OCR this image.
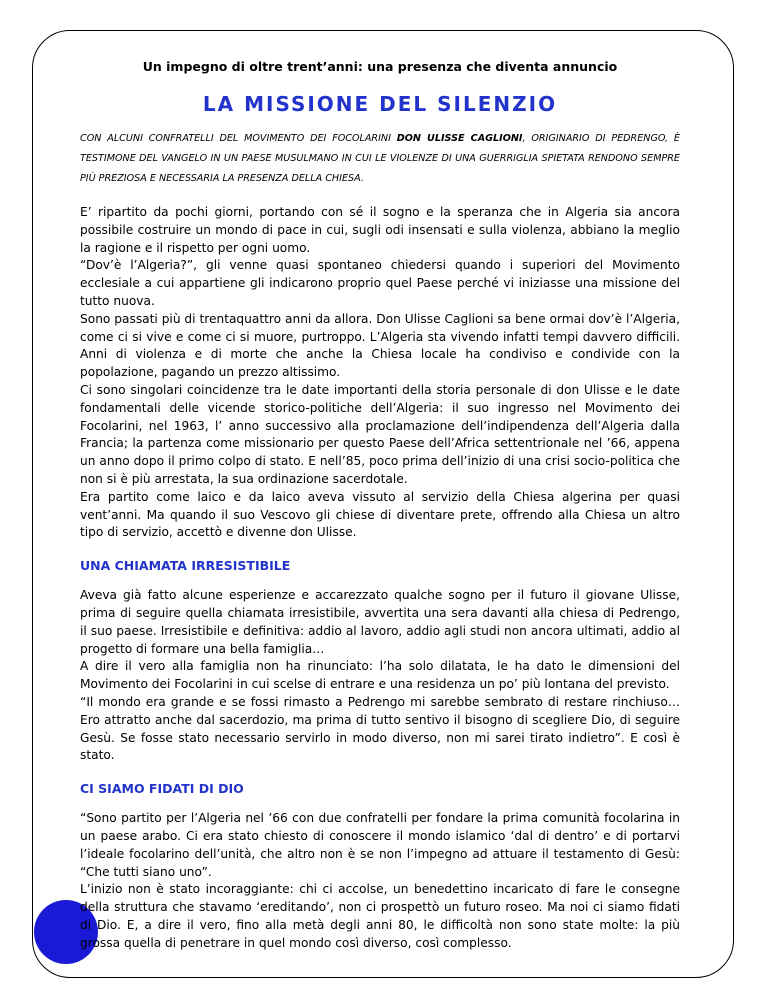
Un impegno di oltre trent’anni: una presenza che diventa annuncio

LA MISSIONE DEL SILENZIO

CON ALCUNI CONFRATELLI DEL MOVIMENTO DEI FOCOLARINI DON ULISSE CAGLIONI, ORIGINARIO DI PEDRENGO, È TESTIMONE DEL VANGELO IN UN PAESE MUSULMANO IN CUI LE VIOLENZE DI UNA GUERRIGLIA SPIETATA RENDONO SEMPRE PIÙ PREZIOSA E NECESSARIA LA PRESENZA DELLA CHIESA.

E’ ripartito da pochi giorni, portando con sé il sogno e la speranza che in Algeria sia ancora possibile costruire un mondo di pace in cui, sugli odi insensati e sulla violenza, abbiano la meglio la ragione e il rispetto per ogni uomo.

“Dov’è l’Algeria?”, gli venne quasi spontaneo chiedersi quando i superiori del Movimento ecclesiale a cui appartiene gli indicarono proprio quel Paese perché vi iniziasse una missione del tutto nuova.

Sono passati più di trentaquattro anni da allora. Don Ulisse Caglioni sa bene ormai dov’è l’Algeria, come ci si vive e come ci si muore, purtroppo. L’Algeria sta vivendo infatti tempi davvero difficili. Anni di violenza e di morte che anche la Chiesa locale ha condiviso e condivide con la popolazione, pagando un prezzo altissimo.

Ci sono singolari coincidenze tra le date importanti della storia personale di don Ulisse e le date fondamentali delle vicende storico-politiche dell’Algeria: il suo ingresso nel Movimento dei Focolarini, nel 1963, l’ anno successivo alla proclamazione dell’indipendenza dell’Algeria dalla Francia; la partenza come missionario per questo Paese dell’Africa settentrionale nel ’66, appena un anno dopo il primo colpo di stato. E nell’85, poco prima dell’inizio di una crisi socio-politica che non si è più arrestata, la sua ordinazione sacerdotale.

Era partito come laico e da laico aveva vissuto al servizio della Chiesa algerina per quasi vent’anni. Ma quando il suo Vescovo gli chiese di diventare prete, offrendo alla Chiesa un altro tipo di servizio, accettò e divenne don Ulisse.

UNA CHIAMATA IRRESISTIBILE

Aveva già fatto alcune esperienze e accarezzato qualche sogno per il futuro il giovane Ulisse, prima di seguire quella chiamata irresistibile, avvertita una sera davanti alla chiesa di Pedrengo, il suo paese. Irresistibile e definitiva: addio al lavoro, addio agli studi non ancora ultimati, addio al progetto di formare una bella famiglia…

A dire il vero alla famiglia non ha rinunciato: l’ha solo dilatata, le ha dato le dimensioni del Movimento dei Focolarini in cui scelse di entrare e una residenza un po’ più lontana del previsto.

“Il mondo era grande e se fossi rimasto a Pedrengo mi sarebbe sembrato di restare rinchiuso…Ero attratto anche dal sacerdozio, ma prima di tutto sentivo il bisogno di scegliere Dio, di seguire Gesù. Se fosse stato necessario servirlo in modo diverso, non mi sarei tirato indietro”. E così è stato.

CI SIAMO FIDATI DI DIO

“Sono partito per l’Algeria nel ’66 con due confratelli per fondare la prima comunità focolarina in un paese arabo. Ci era stato chiesto di conoscere il mondo islamico ‘dal di dentro’ e di portarvi l’ideale focolarino dell’unità, che altro non è se non l’impegno ad attuare il testamento di Gesù: “Che tutti siano uno”.

L’inizio non è stato incoraggiante: chi ci accolse, un benedettino incaricato di fare le consegne della struttura che stavamo ‘ereditando’, non ci prospettò un futuro roseo. Ma noi ci siamo fidati di Dio. E, a dire il vero, fino alla metà degli anni 80, le difficoltà non sono state molte: la più grossa quella di penetrare in quel mondo così diverso, così complesso.
